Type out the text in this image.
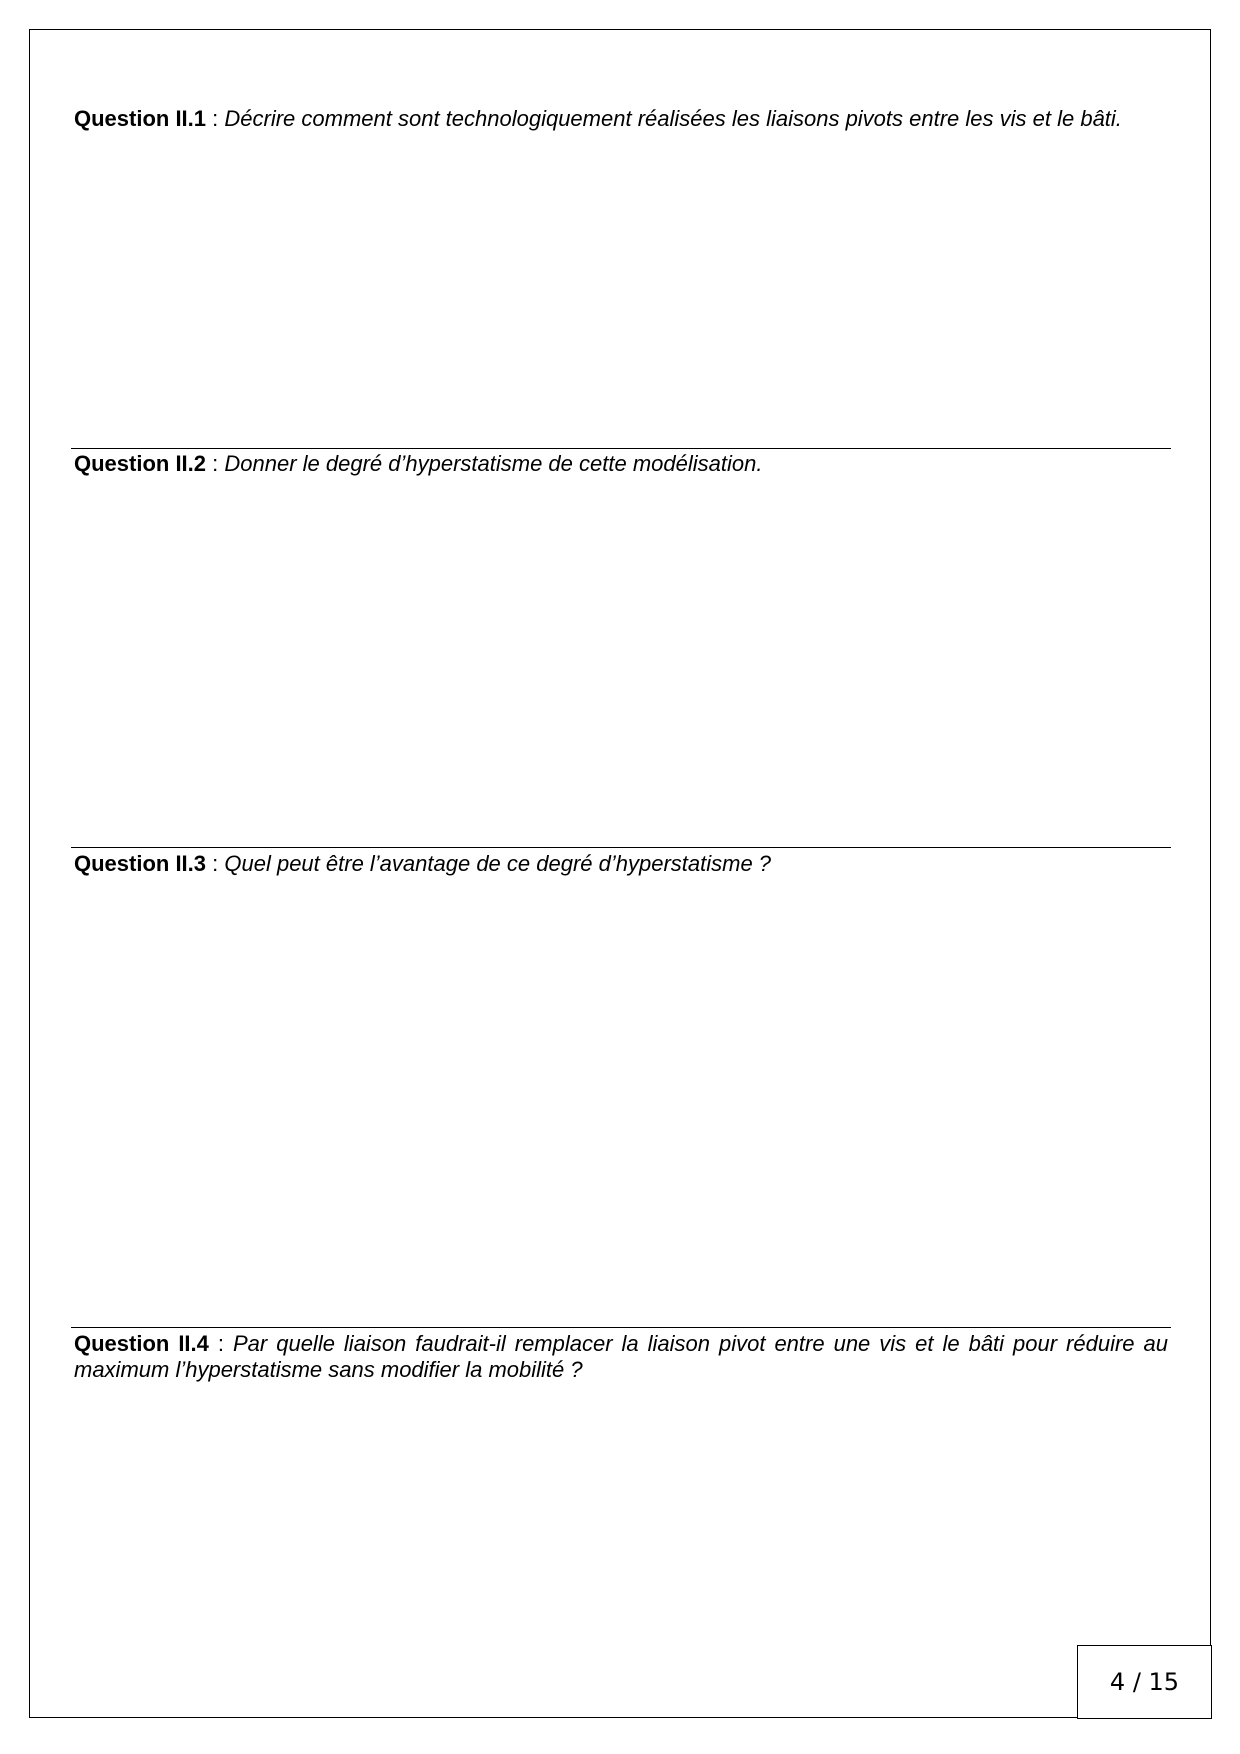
Question II.1 : Décrire comment sont technologiquement réalisées les liaisons pivots entre les vis et le bâti.
Question II.2 : Donner le degré d’hyperstatisme de cette modélisation.
Question II.3 : Quel peut être l’avantage de ce degré d’hyperstatisme ?
Question II.4 : Par quelle liaison faudrait-il remplacer la liaison pivot entre une vis et le bâti pour réduire au maximum l’hyperstatisme sans modifier la mobilité ?
4 / 15
